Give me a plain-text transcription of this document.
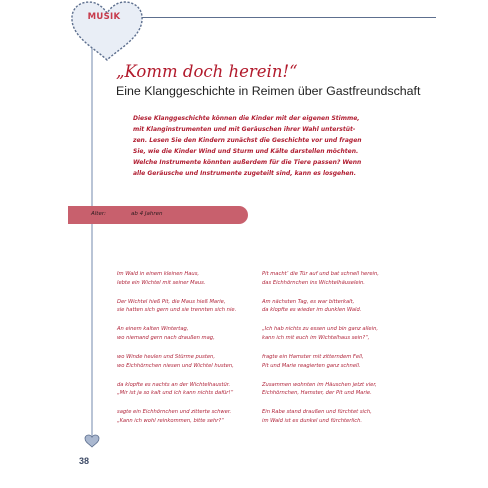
MUSIK
„Komm doch herein!“
Eine Klanggeschichte in Reimen über Gastfreundschaft
Diese Klanggeschichte können die Kinder mit der eigenen Stimme,
mit Klanginstrumenten und mit Geräuschen ihrer Wahl unterstüt-
zen. Lesen Sie den Kindern zunächst die Geschichte vor und fragen
Sie, wie die Kinder Wind und Sturm und Kälte darstellen möchten.
Welche Instrumente könnten außerdem für die Tiere passen? Wenn
alle Geräusche und Instrumente zugeteilt sind, kann es losgehen.
Alter:	ab 4 Jahren
Im Wald in einem kleinen Haus,
lebte ein Wichtel mit seiner Maus.
Der Wichtel hieß Pit, die Maus hieß Marie,
sie hatten sich gern und sie trennten sich nie.
An einem kalten Wintertag,
wo niemand gern nach draußen mag,
wo Winde heulen und Stürme pusten,
wo Eichhörnchen niesen und Wichtel husten,
da klopfte es nachts an der Wichtelhaustür.
„Mir ist ja so kalt und ich kann nichts dafür!“
sagte ein Eichhörnchen und zitterte schwer.
„Kann ich wohl reinkommen, bitte sehr?“
Pit macht’ die Tür auf und bat schnell herein,
das Eichhörnchen ins Wichtelhäuselein.
Am nächsten Tag, es war bitterkalt,
da klopfte es wieder im dunklen Wald.
„Ich hab nichts zu essen und bin ganz allein,
kann ich mit euch im Wichtelhaus sein?“,
fragte ein Hamster mit zitterndem Fell,
Pit und Marie reagierten ganz schnell.
Zusammen wohnten im Häuschen jetzt vier,
Eichhörnchen, Hamster, der Pit und Marie.
Ein Rabe stand draußen und fürchtet sich,
im Wald ist es dunkel und fürchterlich.
38
